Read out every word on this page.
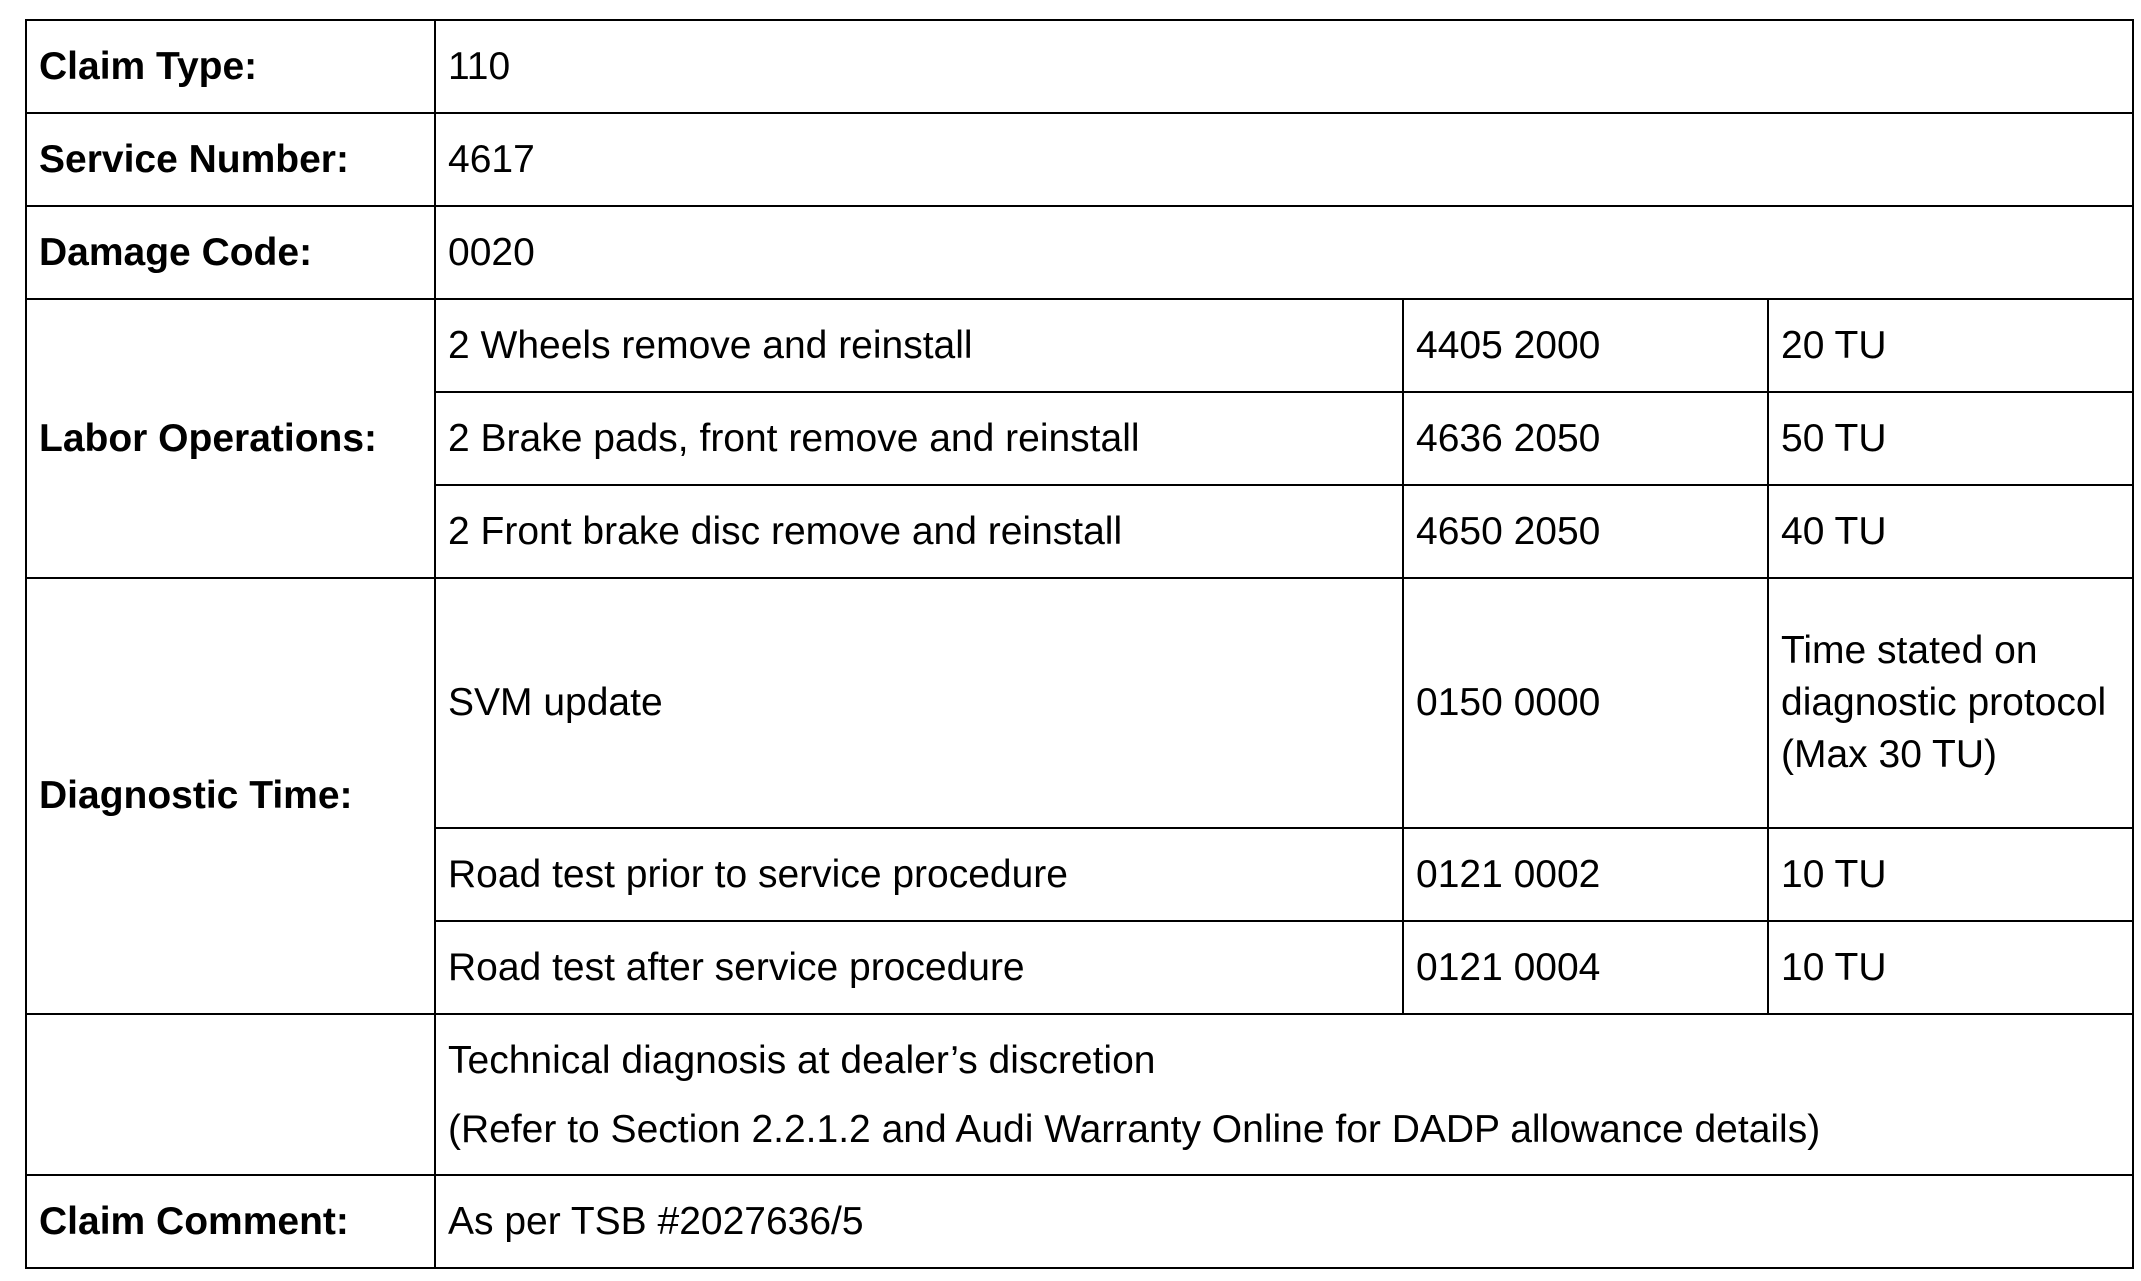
Claim Type:	110		
Service Number:	4617		
Damage Code:	0020		
Labor Operations:	2 Wheels remove and reinstall	4405 2000	20 TU
	2 Brake pads, front remove and reinstall	4636 2050	50 TU
	2 Front brake disc remove and reinstall	4650 2050	40 TU
Diagnostic Time:	SVM update	0150 0000	Time stated on diagnostic protocol (Max 30 TU)
	Road test prior to service procedure	0121 0002	10 TU
	Road test after service procedure	0121 0004	10 TU

	Technical diagnosis at dealer’s discretion
(Refer to Section 2.2.1.2 and Audi Warranty Online for DADP allowance details)		

Claim Comment:	As per TSB #2027636/5		
